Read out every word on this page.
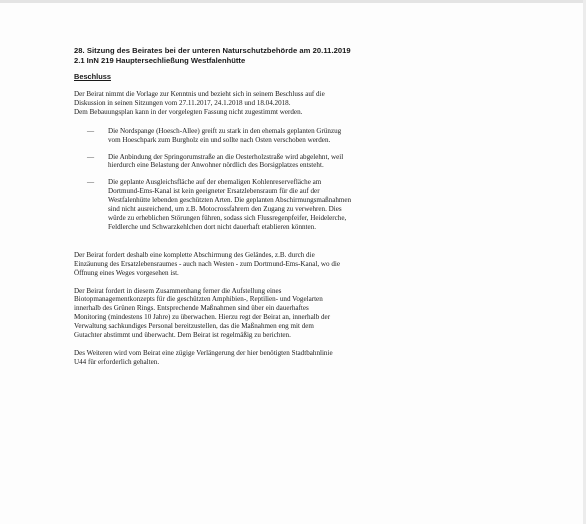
28. Sitzung des Beirates bei der unteren Naturschutzbehörde am 20.11.2019
2.1 InN 219 Hauptersechließung Westfalenhütte
Beschluss

Der Beirat nimmt die Vorlage zur Kenntnis und bezieht sich in seinem Beschluss auf die
Diskussion in seinen Sitzungen vom 27.11.2017, 24.1.2018 und 18.04.2018.
Dem Bebauungsplan kann in der vorgelegten Fassung nicht zugestimmt werden.

— Die Nordspange (Hoesch-Allee) greift zu stark in den ehemals geplanten Grünzug
vom Hoeschpark zum Burgholz ein und sollte nach Osten verschoben werden.
— Die Anbindung der Springorumstraße an die Oesterholzstraße wird abgelehnt, weil
hierdurch eine Belastung der Anwohner nördlich des Borsigplatzes entsteht.
— Die geplante Ausgleichsfläche auf der ehemaligen Kohlenreservefläche am
Dortmund-Ems-Kanal ist kein geeigneter Ersatzlebensraum für die auf der
Westfalenhütte lebenden geschützten Arten. Die geplanten Abschirmungsmaßnahmen
sind nicht ausreichend, um z.B. Motocrossfahrern den Zugang zu verwehren. Dies
würde zu erheblichen Störungen führen, sodass sich Flussregenpfeifer, Heidelerche,
Feldlerche und Schwarzkehlchen dort nicht dauerhaft etablieren könnten.

Der Beirat fordert deshalb eine komplette Abschirmung des Geländes, z.B. durch die
Einzäunung des Ersatzlebensraumes - auch nach Westen - zum Dortmund-Ems-Kanal, wo die
Öffnung eines Weges vorgesehen ist.

Der Beirat fordert in diesem Zusammenhang ferner die Aufstellung eines
Biotopmanagementkonzepts für die geschützten Amphibien-, Reptilien- und Vogelarten
innerhalb des Grünen Rings. Entsprechende Maßnahmen sind über ein dauerhaftes
Monitoring (mindestens 10 Jahre) zu überwachen. Hierzu regt der Beirat an, innerhalb der
Verwaltung sachkundiges Personal bereitzustellen, das die Maßnahmen eng mit dem
Gutachter abstimmt und überwacht. Dem Beirat ist regelmäßig zu berichten.

Des Weiteren wird vom Beirat eine zügige Verlängerung der hier benötigten Stadtbahnlinie
U44 für erforderlich gehalten.
